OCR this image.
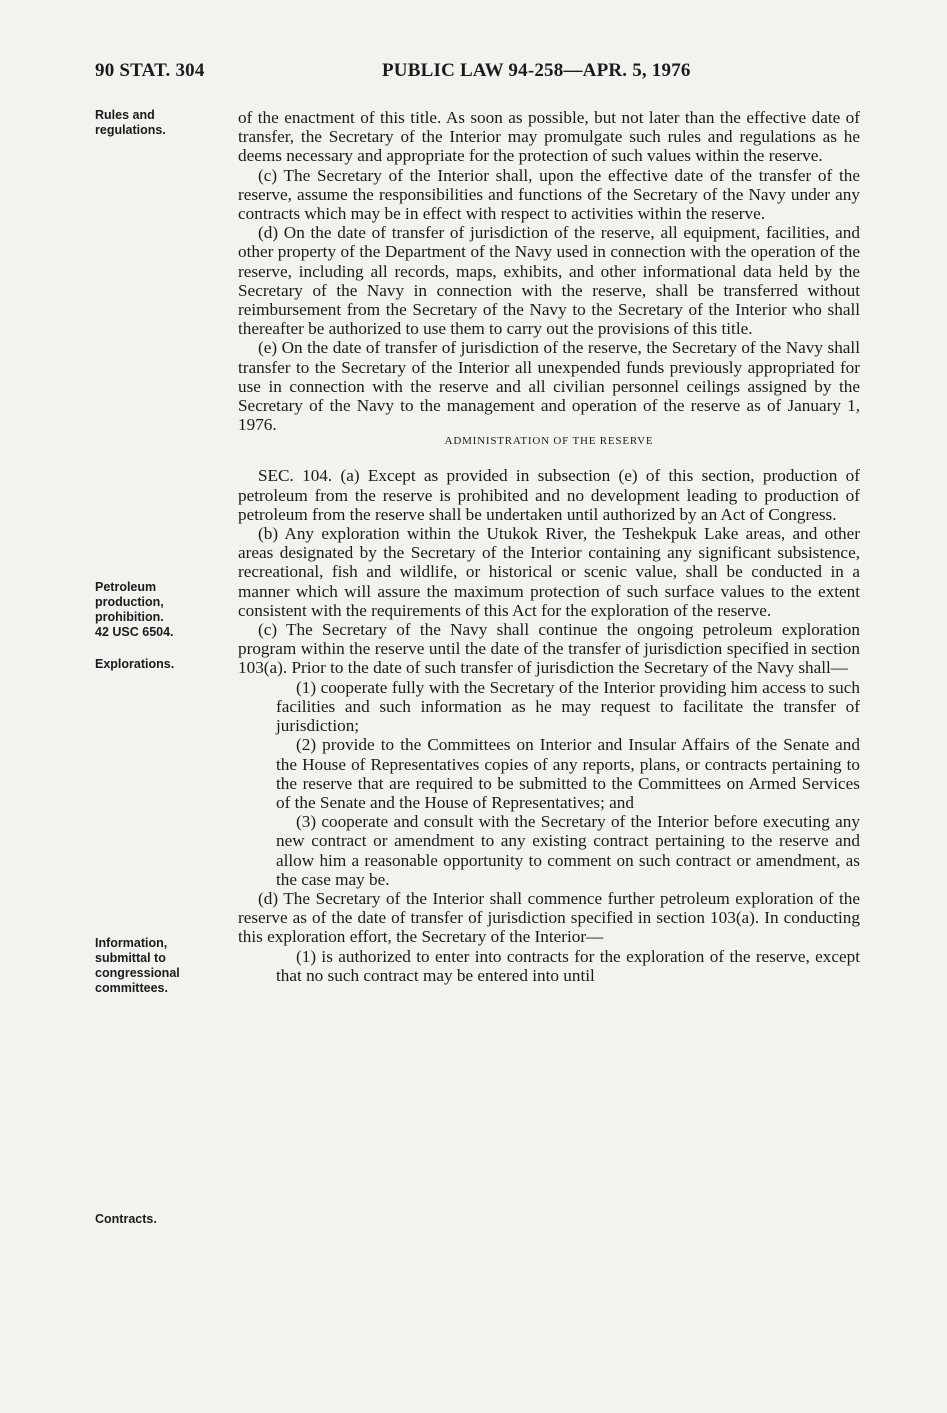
90 STAT. 304	PUBLIC LAW 94-258—APR. 5, 1976
Rules and
regulations.
Petroleum
production,
prohibition.
42 USC 6504.
Explorations.
Information,
submittal to
congressional
committees.
Contracts.

of the enactment of this title. As soon as possible, but not later than the effective date of transfer, the Secretary of the Interior may promulgate such rules and regulations as he deems necessary and appropriate for the protection of such values within the reserve.

(c) The Secretary of the Interior shall, upon the effective date of the transfer of the reserve, assume the responsibilities and functions of the Secretary of the Navy under any contracts which may be in effect with respect to activities within the reserve.

(d) On the date of transfer of jurisdiction of the reserve, all equipment, facilities, and other property of the Department of the Navy used in connection with the operation of the reserve, including all records, maps, exhibits, and other informational data held by the Secretary of the Navy in connection with the reserve, shall be transferred without reimbursement from the Secretary of the Navy to the Secretary of the Interior who shall thereafter be authorized to use them to carry out the provisions of this title.

(e) On the date of transfer of jurisdiction of the reserve, the Secretary of the Navy shall transfer to the Secretary of the Interior all unexpended funds previously appropriated for use in connection with the reserve and all civilian personnel ceilings assigned by the Secretary of the Navy to the management and operation of the reserve as of January 1, 1976.

ADMINISTRATION OF THE RESERVE

SEC. 104. (a) Except as provided in subsection (e) of this section, production of petroleum from the reserve is prohibited and no development leading to production of petroleum from the reserve shall be undertaken until authorized by an Act of Congress.

(b) Any exploration within the Utukok River, the Teshekpuk Lake areas, and other areas designated by the Secretary of the Interior containing any significant subsistence, recreational, fish and wildlife, or historical or scenic value, shall be conducted in a manner which will assure the maximum protection of such surface values to the extent consistent with the requirements of this Act for the exploration of the reserve.

(c) The Secretary of the Navy shall continue the ongoing petroleum exploration program within the reserve until the date of the transfer of jurisdiction specified in section 103(a). Prior to the date of such transfer of jurisdiction the Secretary of the Navy shall—

(1) cooperate fully with the Secretary of the Interior providing him access to such facilities and such information as he may request to facilitate the transfer of jurisdiction;

(2) provide to the Committees on Interior and Insular Affairs of the Senate and the House of Representatives copies of any reports, plans, or contracts pertaining to the reserve that are required to be submitted to the Committees on Armed Services of the Senate and the House of Representatives; and

(3) cooperate and consult with the Secretary of the Interior before executing any new contract or amendment to any existing contract pertaining to the reserve and allow him a reasonable opportunity to comment on such contract or amendment, as the case may be.

(d) The Secretary of the Interior shall commence further petroleum exploration of the reserve as of the date of transfer of jurisdiction specified in section 103(a). In conducting this exploration effort, the Secretary of the Interior—

(1) is authorized to enter into contracts for the exploration of the reserve, except that no such contract may be entered into until
